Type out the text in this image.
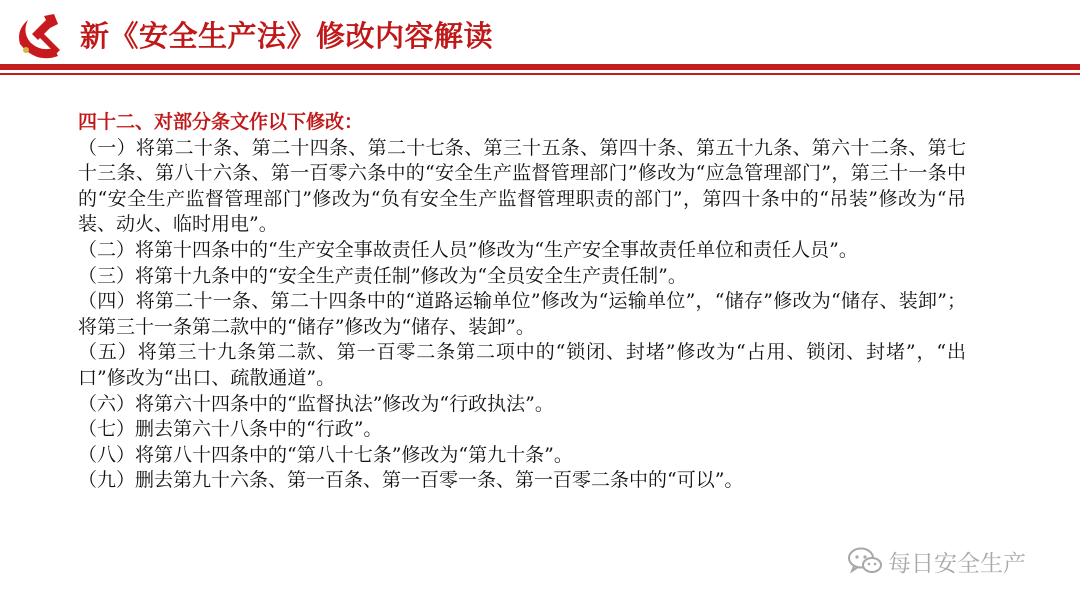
新《安全生产法》修改内容解读

四十二、对部分条文作以下修改：

（一）将第二十条、第二十四条、第二十七条、第三十五条、第四十条、第五十九条、第六十二条、第七十三条、第八十六条、第一百零六条中的“安全生产监督管理部门”修改为“应急管理部门”，第三十一条中的“安全生产监督管理部门”修改为“负有安全生产监督管理职责的部门”，第四十条中的“吊装”修改为“吊装、动火、临时用电”。

（二）将第十四条中的“生产安全事故责任人员”修改为“生产安全事故责任单位和责任人员”。

（三）将第十九条中的“安全生产责任制”修改为“全员安全生产责任制”。

（四）将第二十一条、第二十四条中的“道路运输单位”修改为“运输单位”，“储存”修改为“储存、装卸”；将第三十一条第二款中的“储存”修改为“储存、装卸”。

（五）将第三十九条第二款、第一百零二条第二项中的“锁闭、封堵”修改为“占用、锁闭、封堵”，“出口”修改为“出口、疏散通道”。

（六）将第六十四条中的“监督执法”修改为“行政执法”。

（七）删去第六十八条中的“行政”。

（八）将第八十四条中的“第八十七条”修改为“第九十条”。

（九）删去第九十六条、第一百条、第一百零一条、第一百零二条中的“可以”。

每日安全生产
